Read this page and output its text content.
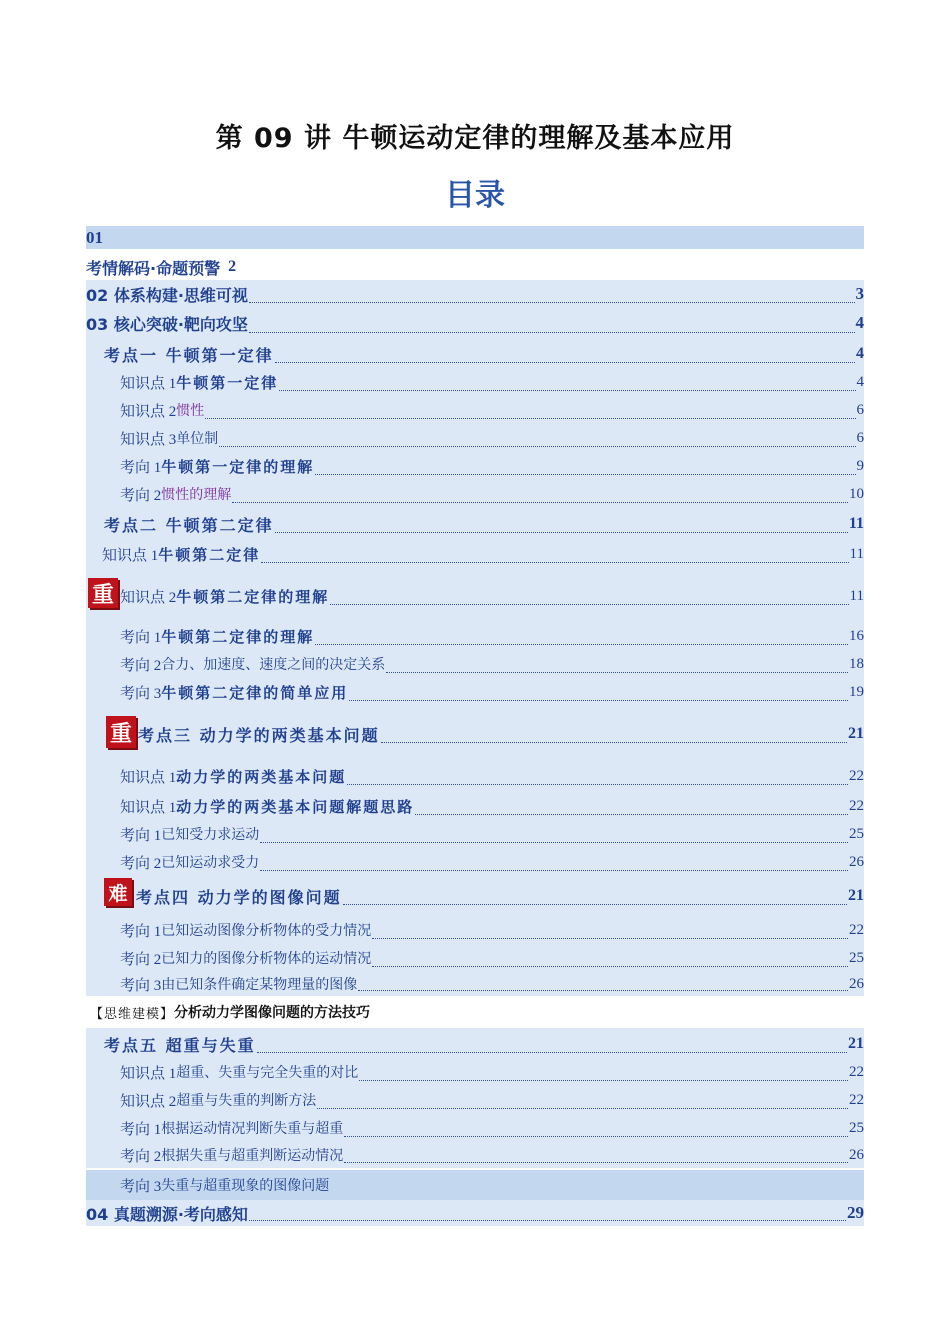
第 09 讲 牛顿运动定律的理解及基本应用
目录
01
考情解码·命题预警 2
02 体系构建·思维可视	3
03 核心突破·靶向攻坚	4
考点一 牛顿第一定律	4
知识点 1 牛顿第一定律	4
知识点 2 惯性	6
知识点 3 单位制	6
考向 1 牛顿第一定律的理解	9
考向 2 惯性的理解	10
考点二 牛顿第二定律	11
知识点 1 牛顿第二定律	11
重 知识点 2 牛顿第二定律的理解	11
考向 1 牛顿第二定律的理解	16
考向 2 合力、加速度、速度之间的决定关系	18
考向 3 牛顿第二定律的简单应用	19
重 考点三 动力学的两类基本问题	21
知识点 1 动力学的两类基本问题	22
知识点 1 动力学的两类基本问题解题思路	22
考向 1 已知受力求运动	25
考向 2 已知运动求受力	26
难 考点四 动力学的图像问题	21
考向 1 已知运动图像分析物体的受力情况	22
考向 2 已知力的图像分析物体的运动情况	25
考向 3 由已知条件确定某物理量的图像	26
【思维建模】 分析动力学图像问题的方法技巧
考点五 超重与失重	21
知识点 1 超重、失重与完全失重的对比	22
知识点 2 超重与失重的判断方法	22
考向 1 根据运动情况判断失重与超重	25
考向 2 根据失重与超重判断运动情况	26
考向 3 失重与超重现象的图像问题
04 真题溯源·考向感知	29
